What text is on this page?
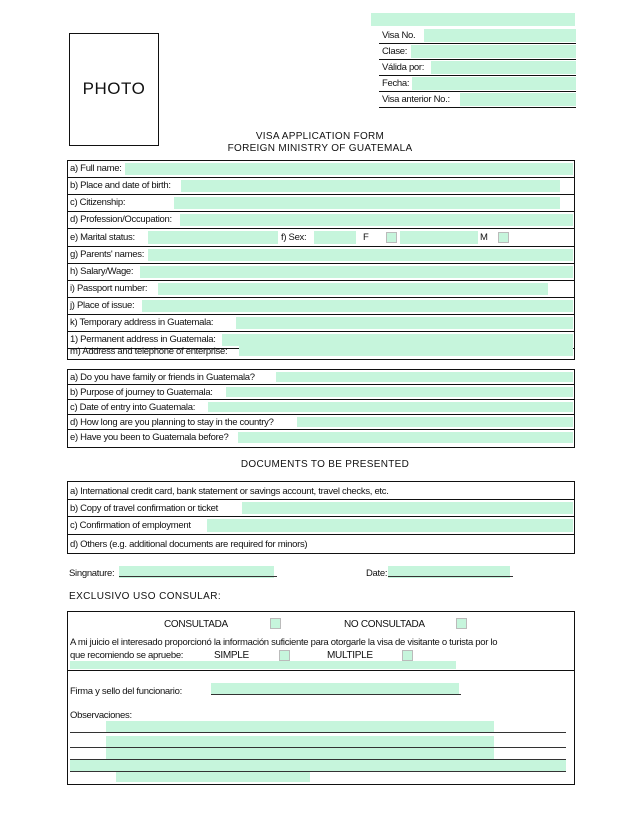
PHOTO
Visa No.
Clase:
Válida por:
Fecha:
Visa anterior No.:
VISA APPLICATION FORM
FOREIGN MINISTRY OF GUATEMALA
a) Full name:
b) Place and date of birth:
c) Citizenship:
d) Profession/Occupation:
e) Marital status:	f) Sex:	F	M
g) Parents' names:
h) Salary/Wage:
i) Passport number:
j) Place of issue:
k) Temporary address in Guatemala:
1) Permanent address in Guatemala:
m) Address and telephone of enterprise:
a) Do you have family or friends in Guatemala?
b) Purpose of journey to Guatemala:
c) Date of entry into Guatemala:
d) How long are you planning to stay in the country?
e) Have you been to Guatemala before?
DOCUMENTS TO BE PRESENTED
a) International credit card, bank statement or savings account, travel checks, etc.
b) Copy of travel confirmation or ticket
c) Confirmation of employment
d) Others (e.g. additional documents are required for minors)
Singnature:	Date:
EXCLUSIVO USO CONSULAR:
CONSULTADA	NO CONSULTADA
A mi juicio el interesado proporcionó la información suficiente para otorgarle la visa de visitante o turista por lo
que recomiendo se apruebe:	SIMPLE	MULTIPLE
Firma y sello del funcionario:
Observaciones:
